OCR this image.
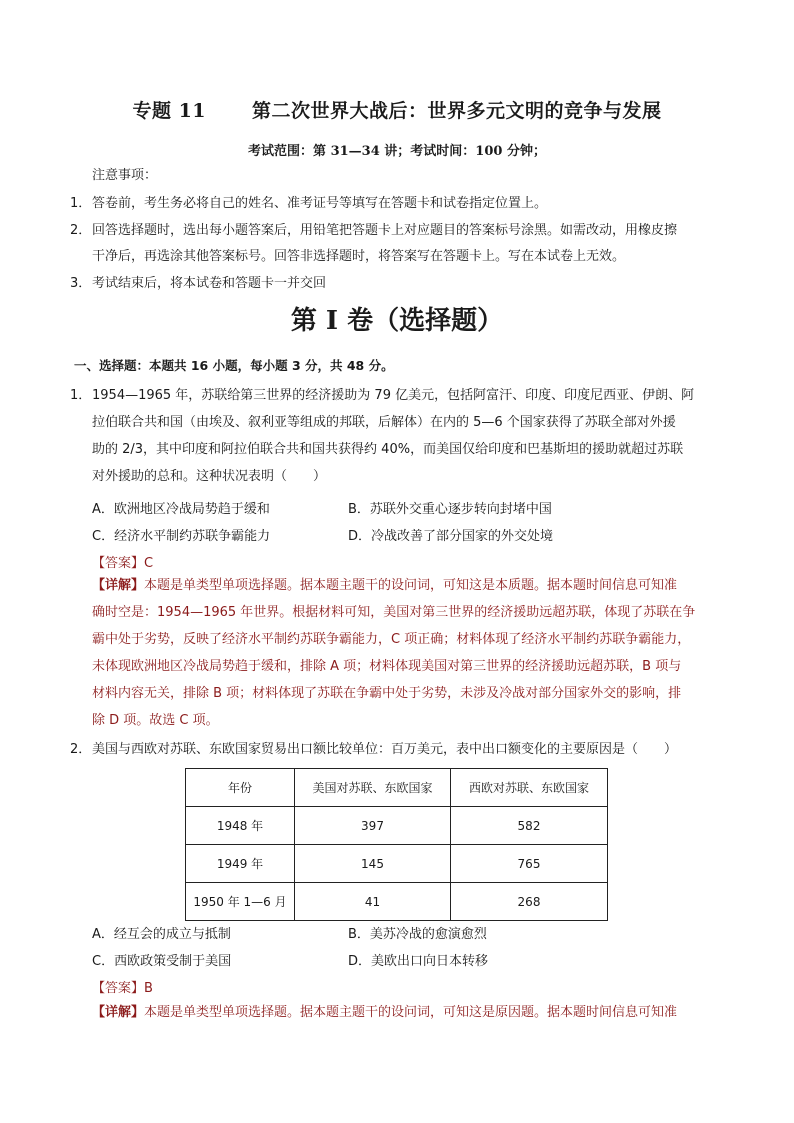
专题 11 第二次世界大战后：世界多元文明的竞争与发展
考试范围：第 31—34 讲；考试时间：100 分钟；
注意事项：
1． 答卷前，考生务必将自己的姓名、准考证号等填写在答题卡和试卷指定位置上。
2． 回答选择题时，选出每小题答案后，用铅笔把答题卡上对应题目的答案标号涂黑。如需改动，用橡皮擦
干净后，再选涂其他答案标号。回答非选择题时，将答案写在答题卡上。写在本试卷上无效。
3． 考试结束后，将本试卷和答题卡一并交回
第 I 卷（选择题）
一、选择题：本题共 16 小题，每小题 3 分，共 48 分。
1． 1954—1965 年，苏联给第三世界的经济援助为 79 亿美元，包括阿富汗、印度、印度尼西亚、伊朗、阿
拉伯联合共和国（由埃及、叙利亚等组成的邦联，后解体）在内的 5—6 个国家获得了苏联全部对外援
助的 2/3，其中印度和阿拉伯联合共和国共获得约 40%，而美国仅给印度和巴基斯坦的援助就超过苏联
对外援助的总和。这种状况表明（　　）
A．欧洲地区冷战局势趋于缓和	B．苏联外交重心逐步转向封堵中国
C．经济水平制约苏联争霸能力	D．冷战改善了部分国家的外交处境
【答案】C
【详解】本题是单类型单项选择题。据本题主题干的设问词，可知这是本质题。据本题时间信息可知准
确时空是：1954—1965 年世界。根据材料可知，美国对第三世界的经济援助远超苏联，体现了苏联在争
霸中处于劣势，反映了经济水平制约苏联争霸能力，C 项正确；材料体现了经济水平制约苏联争霸能力，
未体现欧洲地区冷战局势趋于缓和，排除 A 项；材料体现美国对第三世界的经济援助远超苏联，B 项与
材料内容无关，排除 B 项；材料体现了苏联在争霸中处于劣势，未涉及冷战对部分国家外交的影响，排
除 D 项。故选 C 项。
2． 美国与西欧对苏联、东欧国家贸易出口额比较单位：百万美元，表中出口额变化的主要原因是（　　）
年份	美国对苏联、东欧国家	西欧对苏联、东欧国家
1948 年	397	582
1949 年	145	765
1950 年 1—6 月	41	268
A．经互会的成立与抵制	B．美苏冷战的愈演愈烈
C．西欧政策受制于美国	D．美欧出口向日本转移
【答案】B
【详解】本题是单类型单项选择题。据本题主题干的设问词，可知这是原因题。据本题时间信息可知准
